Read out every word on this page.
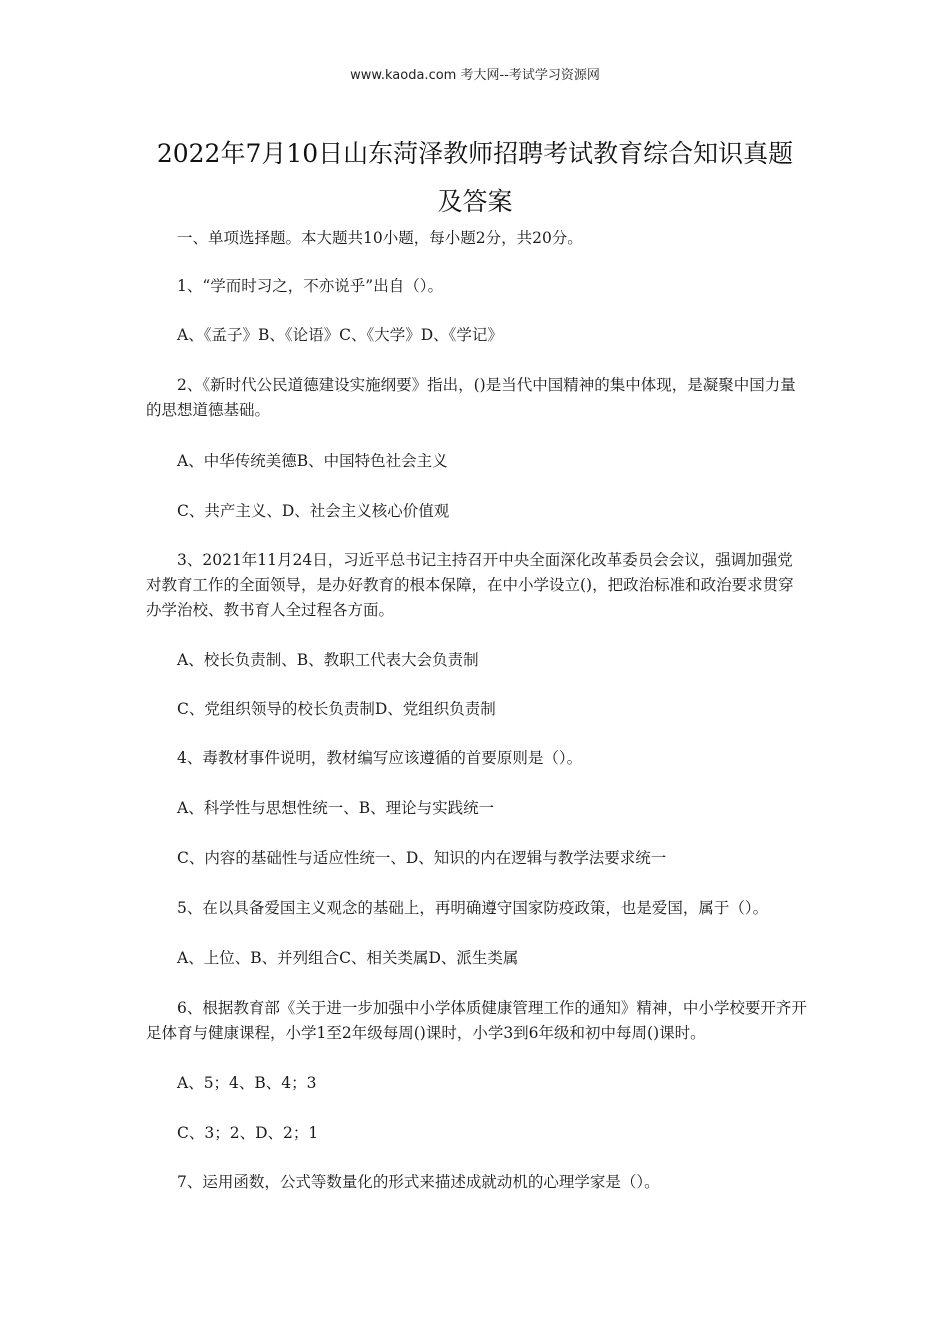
www.kaoda.com 考大网--考试学习资源网
2022年7月10日山东菏泽教师招聘考试教育综合知识真题
及答案

一、单项选择题。本大题共10小题，每小题2分，共20分。

1、“学而时习之，不亦说乎”出自（）。

A、《孟子》B、《论语》C、《大学》D、《学记》

2、《新时代公民道德建设实施纲要》指出，()是当代中国精神的集中体现，是凝聚中国力量的思想道德基础。

A、中华传统美德B、中国特色社会主义

C、共产主义、D、社会主义核心价值观

3、2021年11月24日，习近平总书记主持召开中央全面深化改革委员会会议，强调加强党对教育工作的全面领导，是办好教育的根本保障，在中小学设立()，把政治标准和政治要求贯穿办学治校、教书育人全过程各方面。

A、校长负责制、B、教职工代表大会负责制

C、党组织领导的校长负责制D、党组织负责制

4、毒教材事件说明，教材编写应该遵循的首要原则是（）。

A、科学性与思想性统一、B、理论与实践统一

C、内容的基础性与适应性统一、D、知识的内在逻辑与教学法要求统一

5、在以具备爱国主义观念的基础上，再明确遵守国家防疫政策，也是爱国，属于（）。

A、上位、B、并列组合C、相关类属D、派生类属

6、根据教育部《关于进一步加强中小学体质健康管理工作的通知》精神，中小学校要开齐开足体育与健康课程，小学1至2年级每周()课时，小学3到6年级和初中每周()课时。

A、5；4、B、4；3

C、3；2、D、2；1

7、运用函数，公式等数量化的形式来描述成就动机的心理学家是（）。
